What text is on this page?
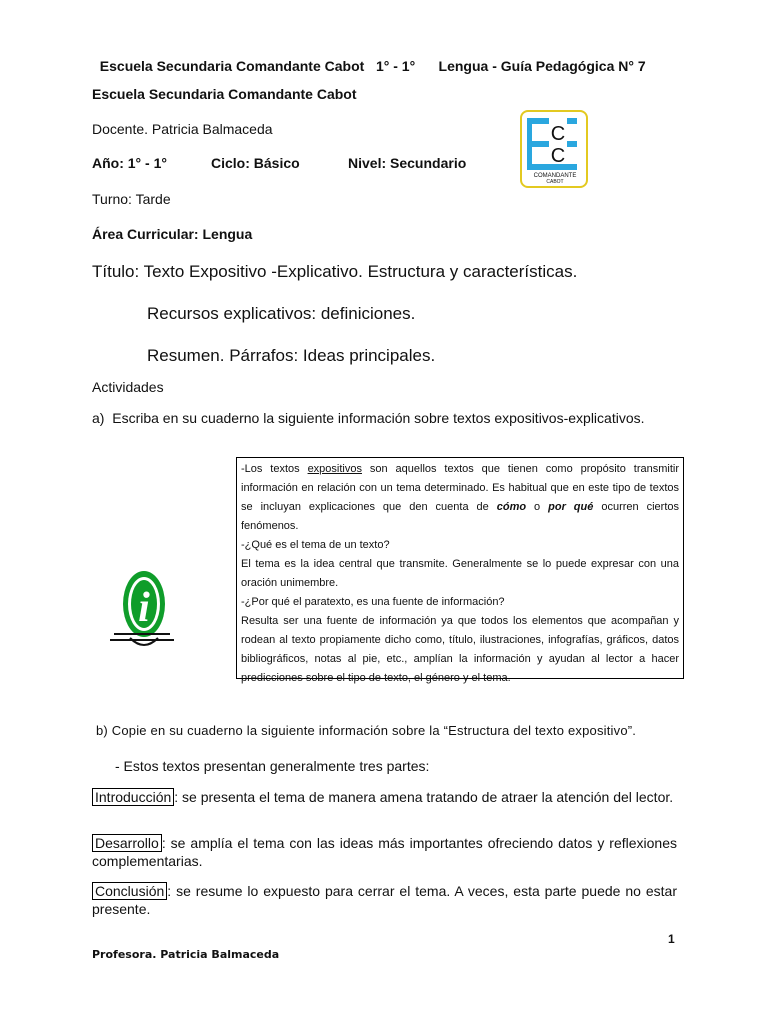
Escuela Secundaria Comandante Cabot 1° - 1° Lengua - Guía Pedagógica N° 7

Escuela Secundaria Comandante Cabot
Docente. Patricia Balmaceda
Año: 1° - 1°	Ciclo: Básico	Nivel: Secundario
Turno: Tarde
Área Curricular: Lengua
C
C
COMANDANTE
CABOT
Título: Texto Expositivo -Explicativo. Estructura y características.
Recursos explicativos: definiciones.
Resumen. Párrafos: Ideas principales.
Actividades
a)  Escriba en su cuaderno la siguiente información sobre textos expositivos-explicativos.
i

-Los textos expositivos son aquellos textos que tienen como propósito transmitir información en relación con un tema determinado. Es habitual que en este tipo de textos se incluyan explicaciones que den cuenta de cómo o por qué ocurren ciertos fenómenos.

-¿Qué es el tema de un texto?

El tema es la idea central que transmite. Generalmente se lo puede expresar con una oración unimembre.

-¿Por qué el paratexto, es una fuente de información?

Resulta ser una fuente de información ya que todos los elementos que acompañan y rodean al texto propiamente dicho como, título, ilustraciones, infografías, gráficos, datos bibliográficos, notas al pie, etc., amplían la información y ayudan al lector a hacer predicciones sobre el tipo de texto, el género y el tema.

b) Copie en su cuaderno la siguiente información sobre la “Estructura del texto expositivo”.
- Estos textos presentan generalmente tres partes:
Introducción : se presenta el tema de manera amena tratando de atraer la atención del lector.
Desarrollo : se amplía el tema con las ideas más importantes ofreciendo datos y reflexiones complementarias.
Conclusión : se resume lo expuesto para cerrar el tema. A veces, esta parte puede no estar presente.
1
Profesora. Patricia Balmaceda
